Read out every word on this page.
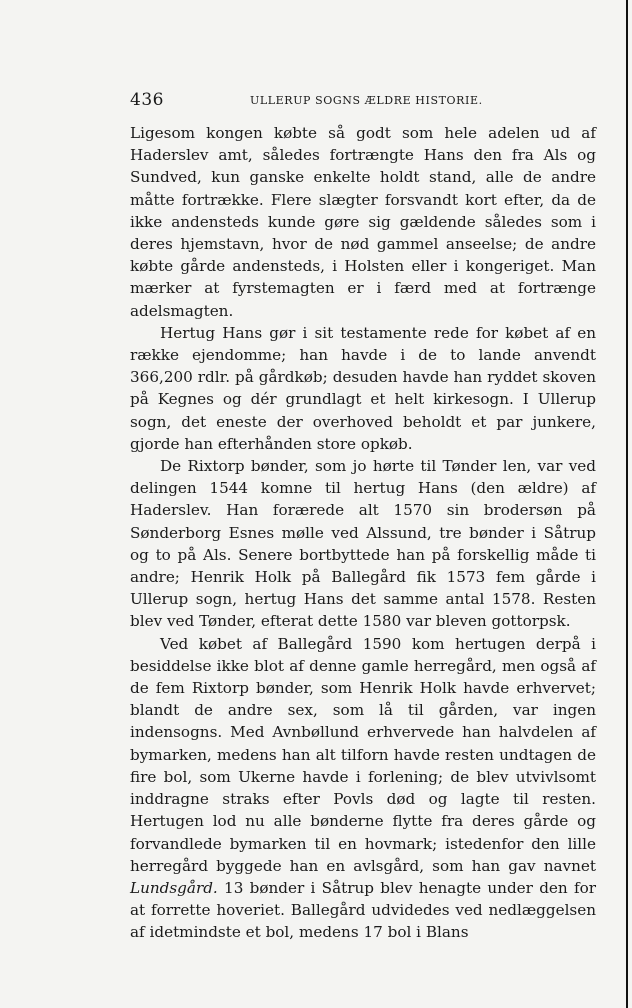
436	ULLERUP SOGNS ÆLDRE HISTORIE.

Ligesom kongen købte så godt som hele adelen ud af Haderslev amt, således fortrængte Hans den fra Als og Sundved, kun ganske enkelte holdt stand, alle de andre måtte fortrække. Flere slægter forsvandt kort efter, da de ikke andensteds kunde gøre sig gældende således som i deres hjemstavn, hvor de nød gammel anseelse; de andre købte gårde andensteds, i Holsten eller i kongeriget. Man mærker at fyrstemagten er i færd med at fortrænge adelsmagten.

Hertug Hans gør i sit testamente rede for købet af en række ejendomme; han havde i de to lande anvendt 366,200 rdlr. på gårdkøb; desuden havde han ryddet skoven på Kegnes og dér grundlagt et helt kirkesogn. I Ullerup sogn, det eneste der overhoved beholdt et par junkere, gjorde han efterhånden store opkøb.

De Rixtorp bønder, som jo hørte til Tønder len, var ved delingen 1544 komne til hertug Hans (den ældre) af Haderslev. Han forærede alt 1570 sin brodersøn på Sønderborg Esnes mølle ved Alssund, tre bønder i Såtrup og to på Als. Senere bortbyttede han på forskellig måde ti andre; Henrik Holk på Ballegård fik 1573 fem gårde i Ullerup sogn, hertug Hans det samme antal 1578. Resten blev ved Tønder, efterat dette 1580 var bleven gottorpsk.

Ved købet af Ballegård 1590 kom hertugen derpå i besiddelse ikke blot af denne gamle herregård, men også af de fem Rixtorp bønder, som Henrik Holk havde erhvervet; blandt de andre sex, som lå til gården, var ingen indensogns. Med Avnbøllund erhvervede han halvdelen af bymarken, medens han alt tilforn havde resten undtagen de fire bol, som Ukerne havde i forlening; de blev utvivlsomt inddragne straks efter Povls død og lagte til resten. Hertugen lod nu alle bønderne flytte fra deres gårde og forvandlede bymarken til en hovmark; istedenfor den lille herregård byggede han en avlsgård, som han gav navnet Lundsgård. 13 bønder i Såtrup blev henagte under den for at forrette hoveriet. Ballegård udvidedes ved nedlæggelsen af idetmindste et bol, medens 17 bol i Blans
